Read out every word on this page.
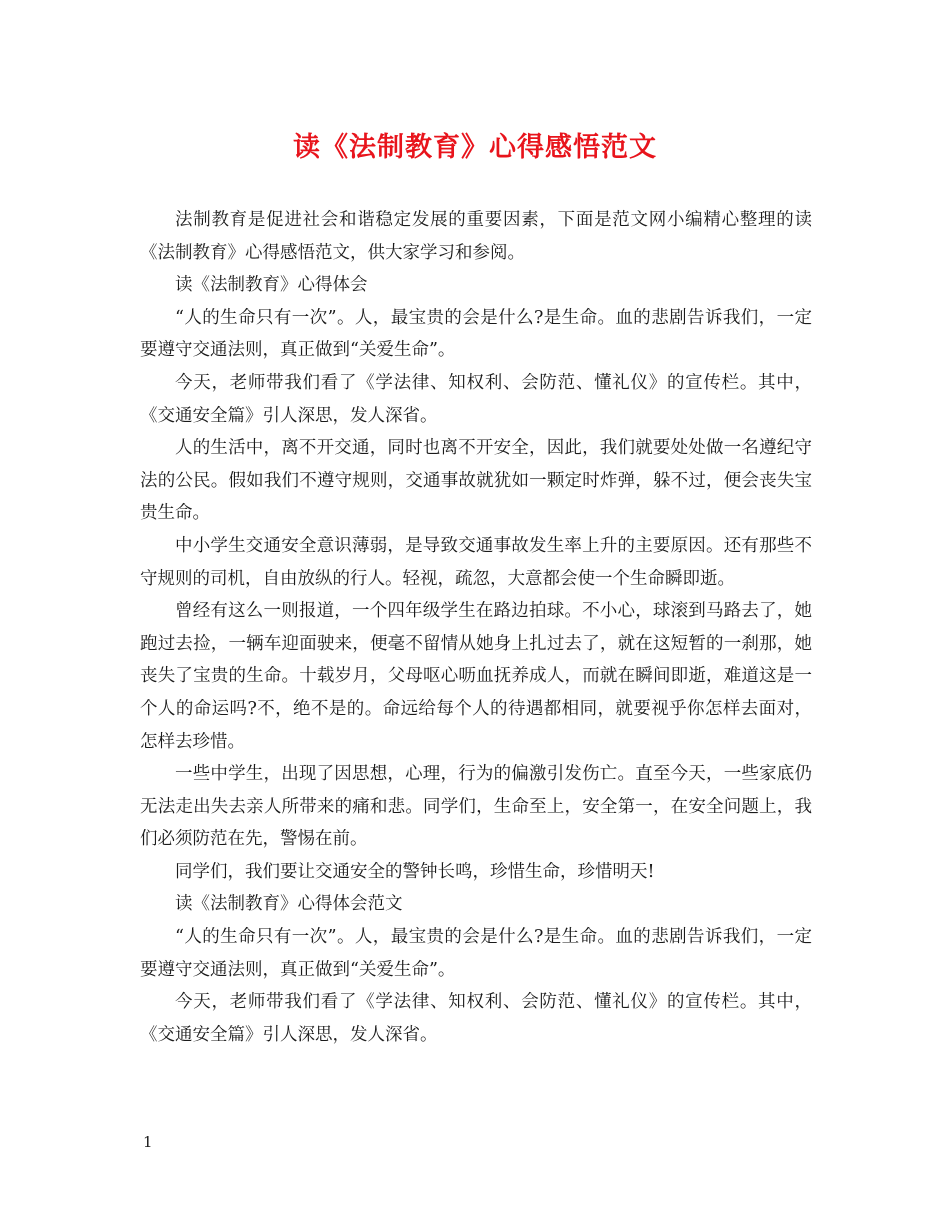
读《法制教育》心得感悟范文

法制教育是促进社会和谐稳定发展的重要因素，下面是范文网小编精心整理的读《法制教育》心得感悟范文，供大家学习和参阅。

读《法制教育》心得体会

“人的生命只有一次”。人，最宝贵的会是什么?是生命。血的悲剧告诉我们，一定要遵守交通法则，真正做到“关爱生命”。

今天，老师带我们看了《学法律、知权利、会防范、懂礼仪》的宣传栏。其中，《交通安全篇》引人深思，发人深省。

人的生活中，离不开交通，同时也离不开安全，因此，我们就要处处做一名遵纪守法的公民。假如我们不遵守规则，交通事故就犹如一颗定时炸弹，躲不过，便会丧失宝贵生命。

中小学生交通安全意识薄弱，是导致交通事故发生率上升的主要原因。还有那些不守规则的司机，自由放纵的行人。轻视，疏忽，大意都会使一个生命瞬即逝。

曾经有这么一则报道，一个四年级学生在路边拍球。不小心，球滚到马路去了，她跑过去捡，一辆车迎面驶来，便毫不留情从她身上扎过去了，就在这短暂的一刹那，她丧失了宝贵的生命。十载岁月，父母呕心呖血抚养成人，而就在瞬间即逝，难道这是一个人的命运吗?不，绝不是的。命远给每个人的待遇都相同，就要视乎你怎样去面对，怎样去珍惜。

一些中学生，出现了因思想，心理，行为的偏激引发伤亡。直至今天，一些家底仍无法走出失去亲人所带来的痛和悲。同学们，生命至上，安全第一，在安全问题上，我们必须防范在先，警惕在前。

同学们，我们要让交通安全的警钟长鸣，珍惜生命，珍惜明天!

读《法制教育》心得体会范文

“人的生命只有一次”。人，最宝贵的会是什么?是生命。血的悲剧告诉我们，一定要遵守交通法则，真正做到“关爱生命”。

今天，老师带我们看了《学法律、知权利、会防范、懂礼仪》的宣传栏。其中，《交通安全篇》引人深思，发人深省。

1
